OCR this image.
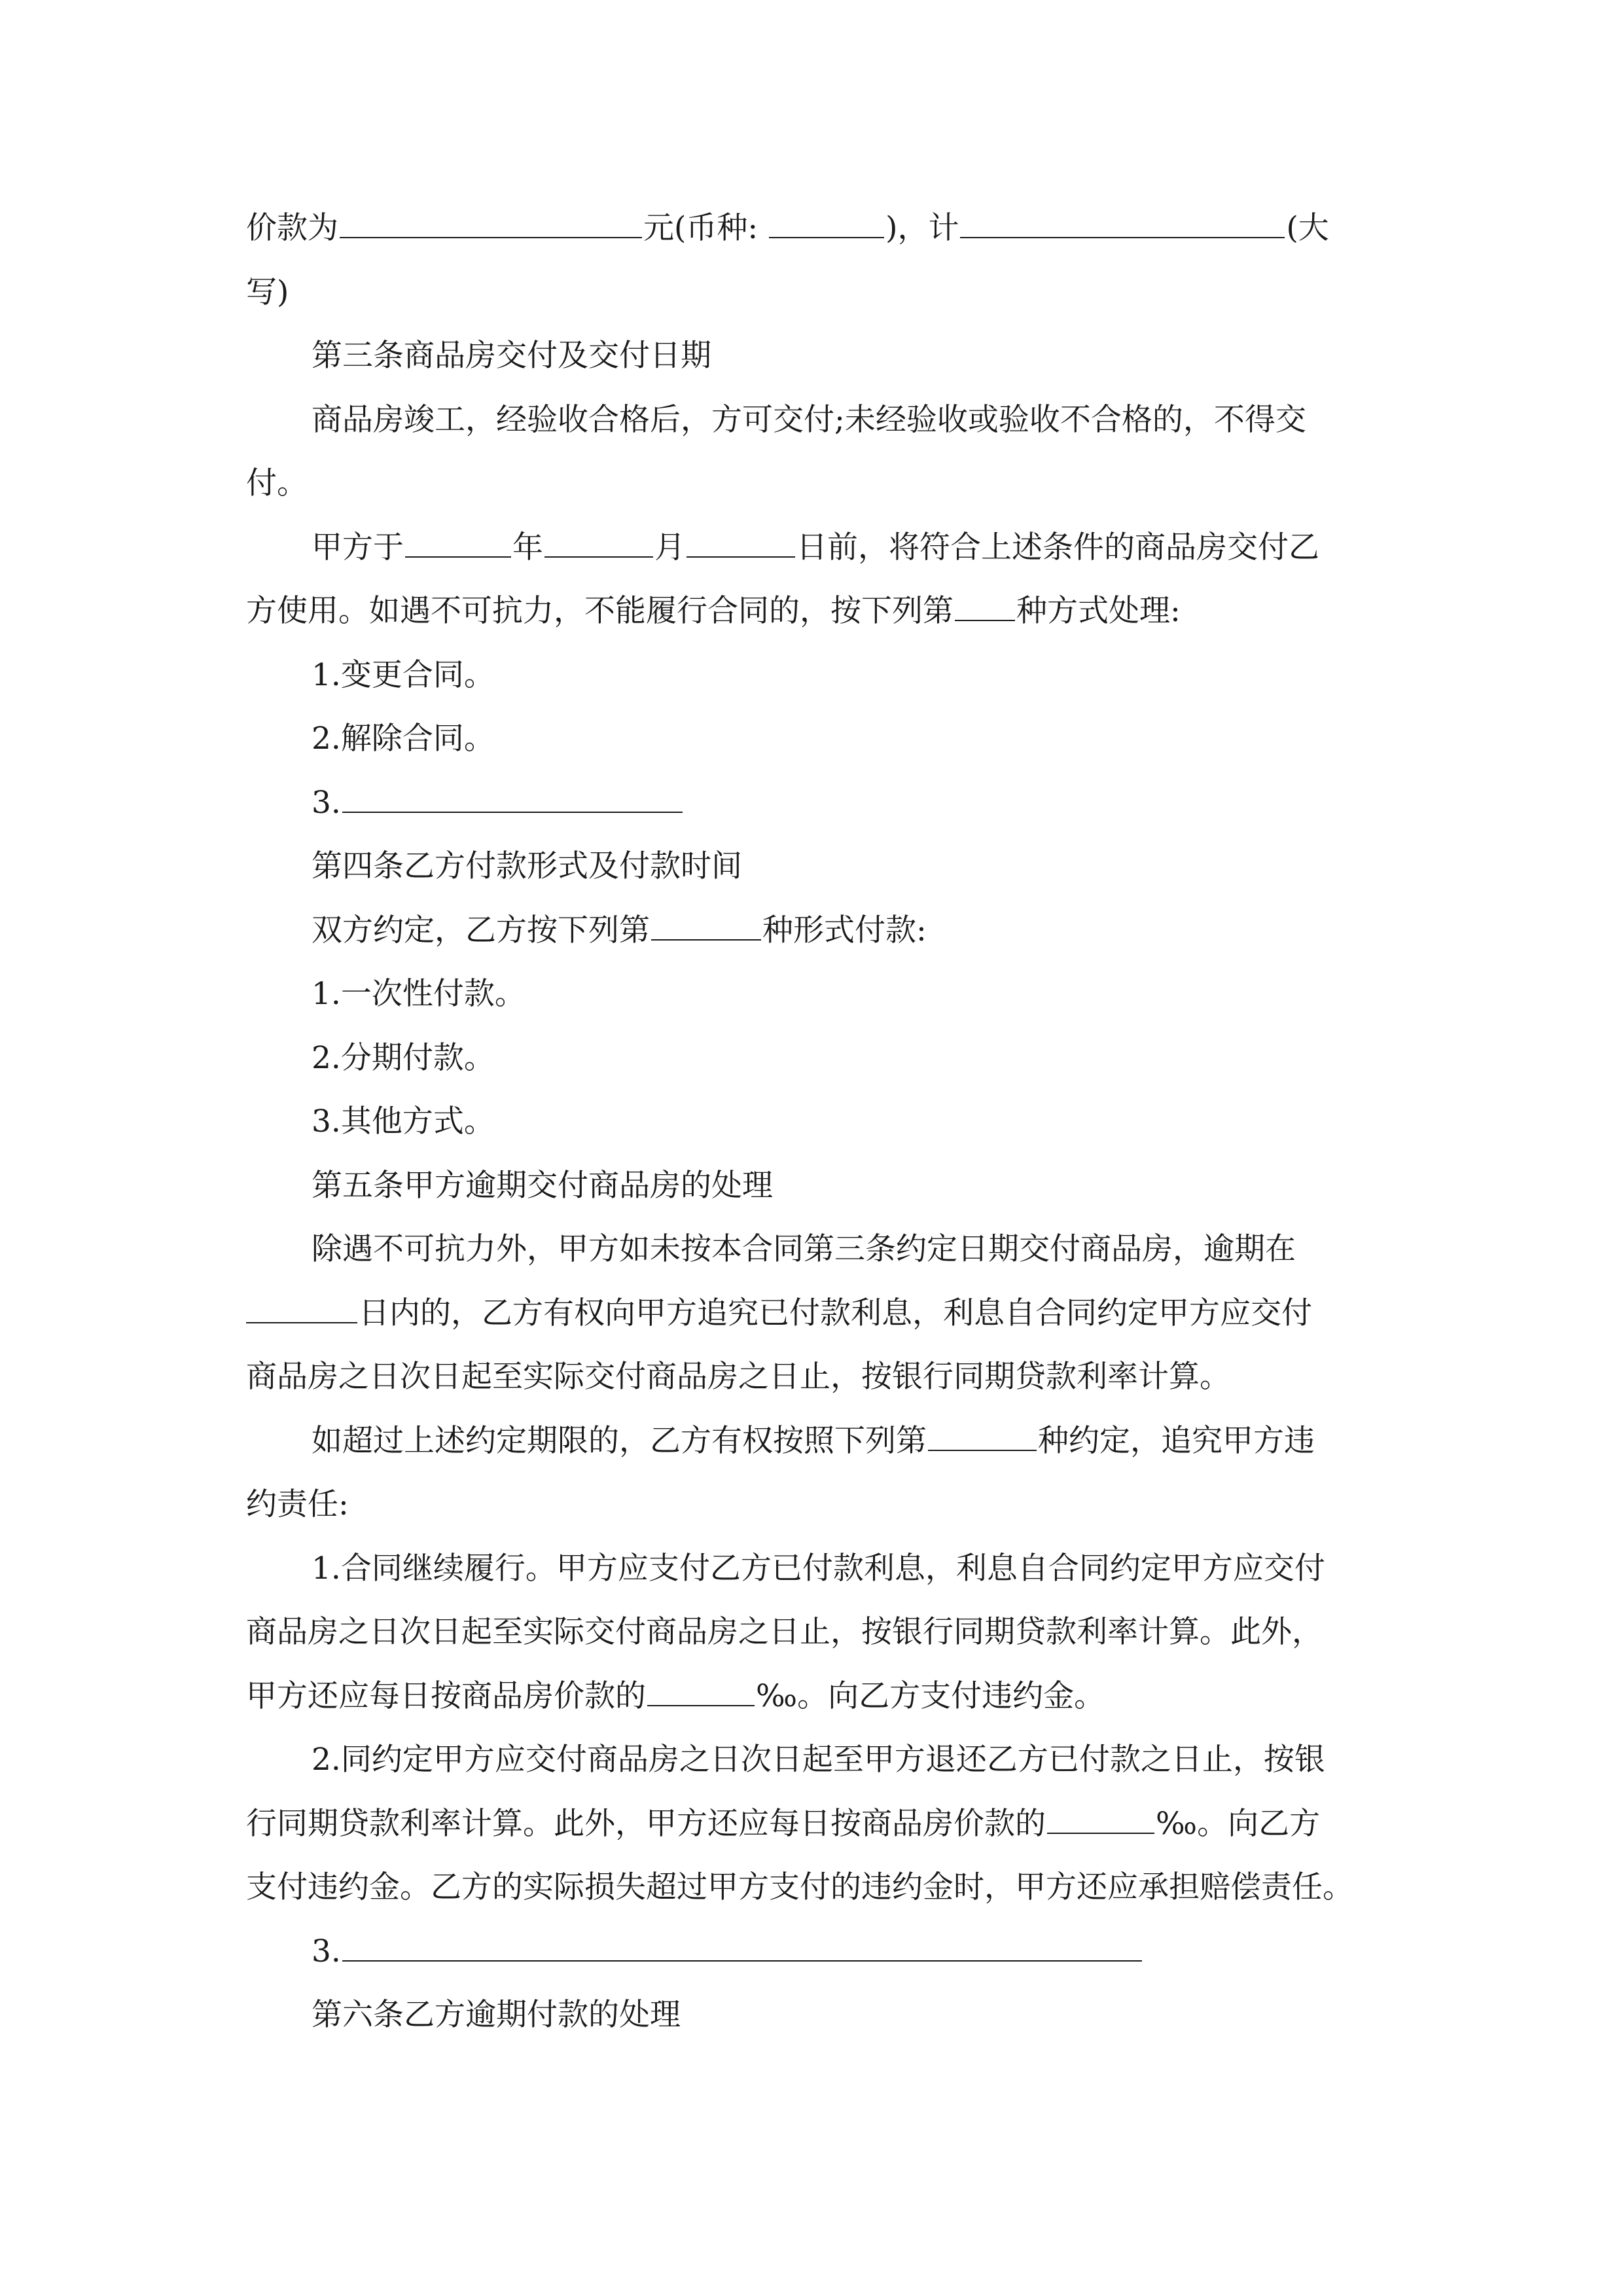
价款为	元(币种:	)，计	(大

写)

第三条商品房交付及交付日期

商品房竣工，经验收合格后，方可交付;未经验收或验收不合格的，不得交

付。

甲方于	年	月	日前，将符合上述条件的商品房交付乙

方使用。如遇不可抗力，不能履行合同的，按下列第 种方式处理:

1.变更合同。

2.解除合同。

3.

第四条乙方付款形式及付款时间

双方约定，乙方按下列第	种形式付款:

1.一次性付款。

2.分期付款。

3.其他方式。

第五条甲方逾期交付商品房的处理

除遇不可抗力外，甲方如未按本合同第三条约定日期交付商品房，逾期在

日内的，乙方有权向甲方追究已付款利息，利息自合同约定甲方应交付

商品房之日次日起至实际交付商品房之日止，按银行同期贷款利率计算。

如超过上述约定期限的，乙方有权按照下列第	种约定，追究甲方违

约责任:

1.合同继续履行。甲方应支付乙方已付款利息，利息自合同约定甲方应交付

商品房之日次日起至实际交付商品房之日止，按银行同期贷款利率计算。此外，

甲方还应每日按商品房价款的	‰。向乙方支付违约金。

2.同约定甲方应交付商品房之日次日起至甲方退还乙方已付款之日止，按银

行同期贷款利率计算。此外，甲方还应每日按商品房价款的	‰。向乙方

支付违约金。乙方的实际损失超过甲方支付的违约金时，甲方还应承担赔偿责任。

3.

第六条乙方逾期付款的处理
